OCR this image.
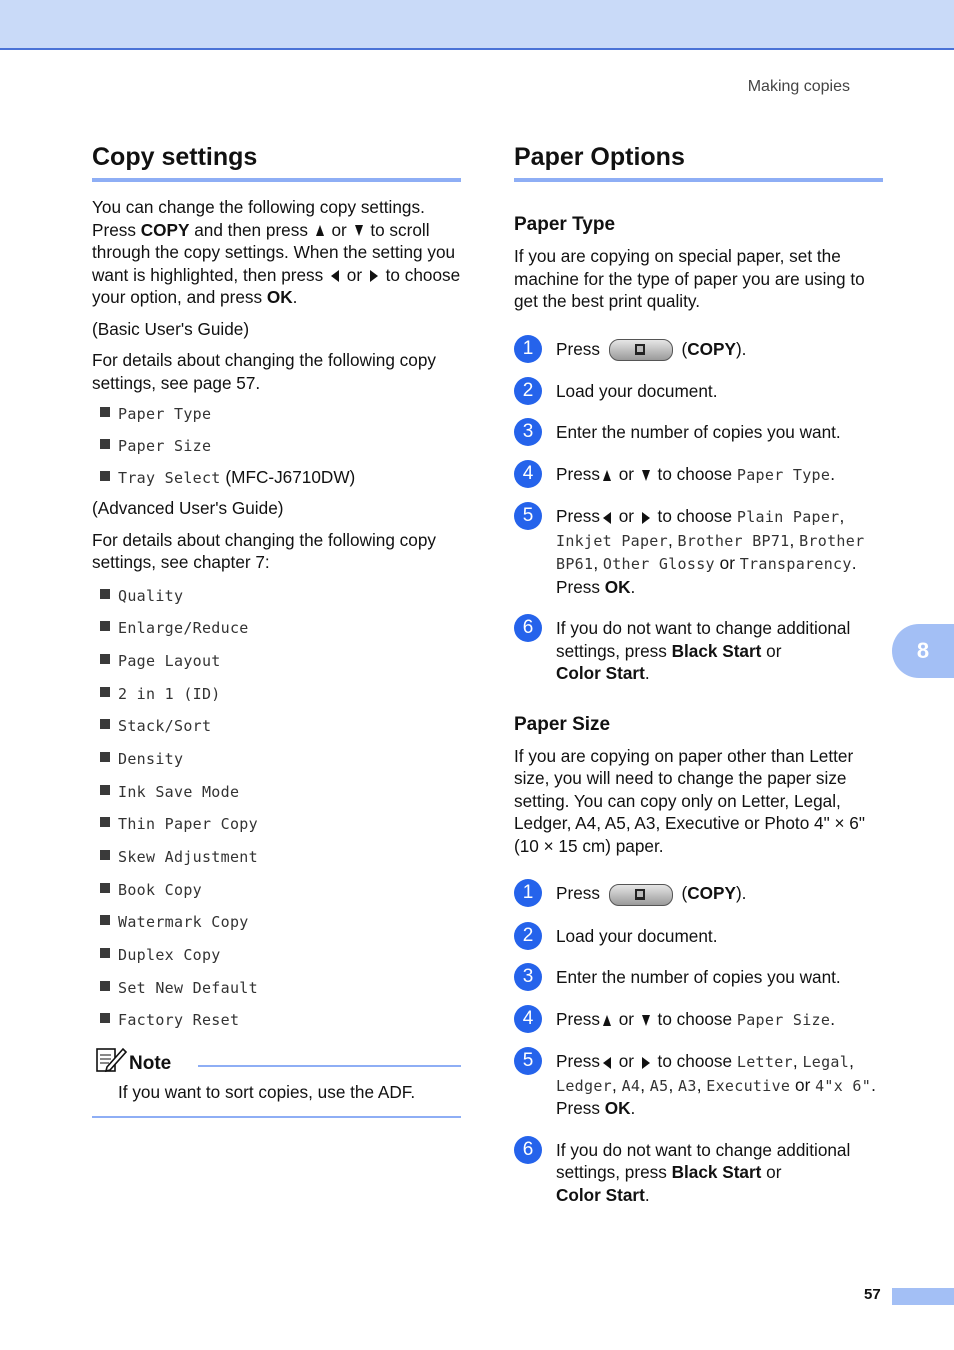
Making copies
Copy settings

You can change the following copy settings. Press COPY and then press  or  to scroll through the copy settings. When the setting you want is highlighted, then press  or  to choose your option, and press OK.

(Basic User's Guide)

For details about changing the following copy settings, see page 57.

Paper Type
Paper Size
Tray Select (MFC-J6710DW)

(Advanced User's Guide)

For details about changing the following copy settings, see chapter 7:

Quality
Enlarge/Reduce
Page Layout
2 in 1 (ID)
Stack/Sort
Density
Ink Save Mode
Thin Paper Copy
Skew Adjustment
Book Copy
Watermark Copy
Duplex Copy
Set New Default
Factory Reset
Note

If you want to sort copies, use the ADF.

Paper Options
Paper Type

If you are copying on special paper, set the machine for the type of paper you are using to get the best print quality.

1	Press	(COPY).

2	Load your document.

3	Enter the number of copies you want.

4	Press or  to choose Paper Type.

5	Press or  to choose Plain Paper, Inkjet Paper, Brother BP71, Brother BP61, Other Glossy or Transparency.
Press OK.

6	If you do not want to change additional settings, press Black Start or
Color Start.

Paper Size

If you are copying on paper other than Letter size, you will need to change the paper size setting. You can copy only on Letter, Legal, Ledger, A4, A5, A3, Executive or Photo 4" × 6" (10 × 15 cm) paper.

1	Press	(COPY).

2	Load your document.

3	Enter the number of copies you want.

4	Press or  to choose Paper Size.

5	Press or  to choose Letter, Legal, Ledger, A4, A5, A3, Executive or 4"x 6".
Press OK.

6	If you do not want to change additional settings, press Black Start or
Color Start.

8
57
